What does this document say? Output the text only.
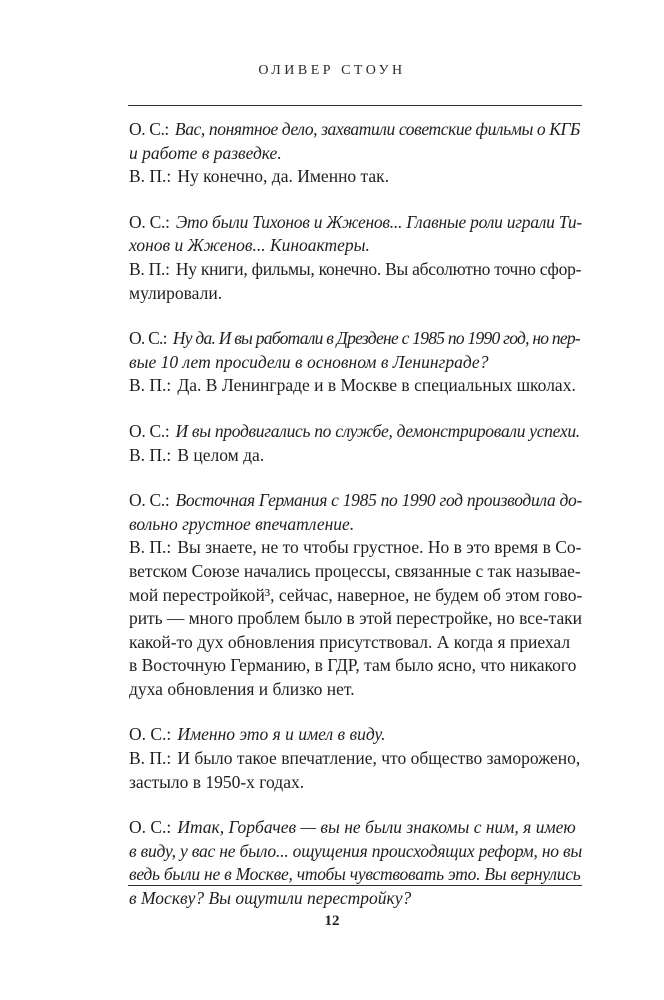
ОЛИВЕР СТОУН
О. С.: Вас, понятное дело, захватили советские фильмы о КГБ
и работе в разведке.
В. П.: Ну конечно, да. Именно так.
О. С.: Это были Тихонов и Жженов... Главные роли играли Ти-
хонов и Жженов... Киноактеры.
В. П.: Ну книги, фильмы, конечно. Вы абсолютно точно сфор-
мулировали.
О. С.: Ну да. И вы работали в Дрездене с 1985 по 1990 год, но пер-
вые 10 лет просидели в основном в Ленинграде?
В. П.: Да. В Ленинграде и в Москве в специальных школах.
О. С.: И вы продвигались по службе, демонстрировали успехи.
В. П.: В целом да.
О. С.: Восточная Германия с 1985 по 1990 год производила до-
вольно грустное впечатление.
В. П.: Вы знаете, не то чтобы грустное. Но в это время в Со-
ветском Союзе начались процессы, связанные с так называе-
мой перестройкой³, сейчас, наверное, не будем об этом гово-
рить — много проблем было в этой перестройке, но все-таки
какой-то дух обновления присутствовал. А когда я приехал
в Восточную Германию, в ГДР, там было ясно, что никакого
духа обновления и близко нет.
О. С.: Именно это я и имел в виду.
В. П.: И было такое впечатление, что общество заморожено,
застыло в 1950-х годах.
О. С.: Итак, Горбачев — вы не были знакомы с ним, я имею
в виду, у вас не было... ощущения происходящих реформ, но вы
ведь были не в Москве, чтобы чувствовать это. Вы вернулись
в Москву? Вы ощутили перестройку?
12
